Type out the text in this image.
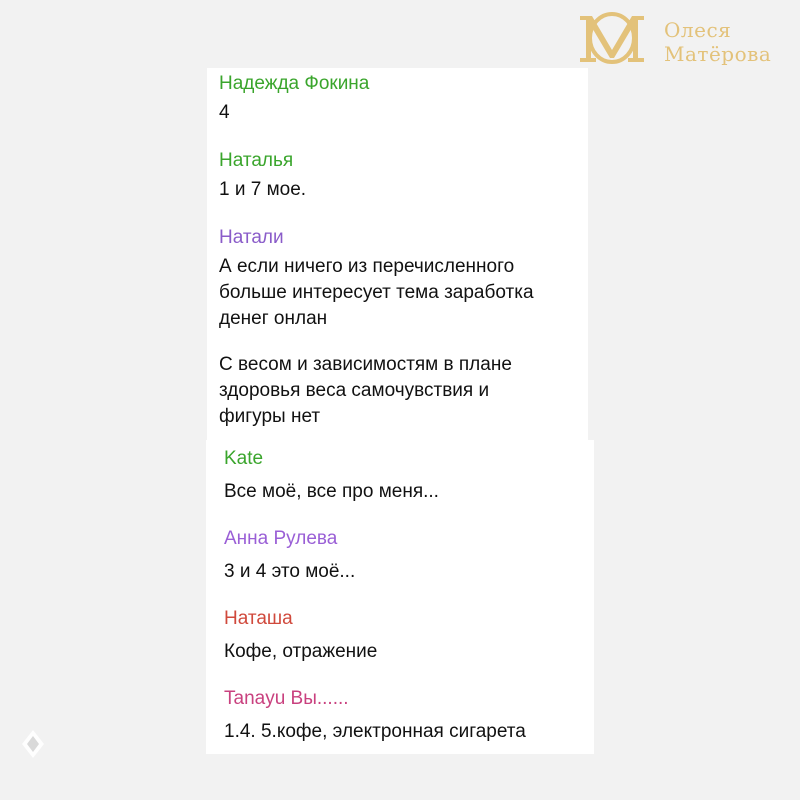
Олеся
Матёрова
Надежда Фокина
4
Наталья
1 и 7 мое.
Натали
А если ничего из перечисленного
больше интересует тема заработка
денег онлан
С весом и зависимостям в плане
здоровья веса самочувствия и
фигуры нет
Kate
Все моё, все про меня...
Анна Рулева
3 и 4 это моё...
Наташа
Кофе, отражение
Tanayu Вы......
1.4. 5.кофе, электронная сигарета
